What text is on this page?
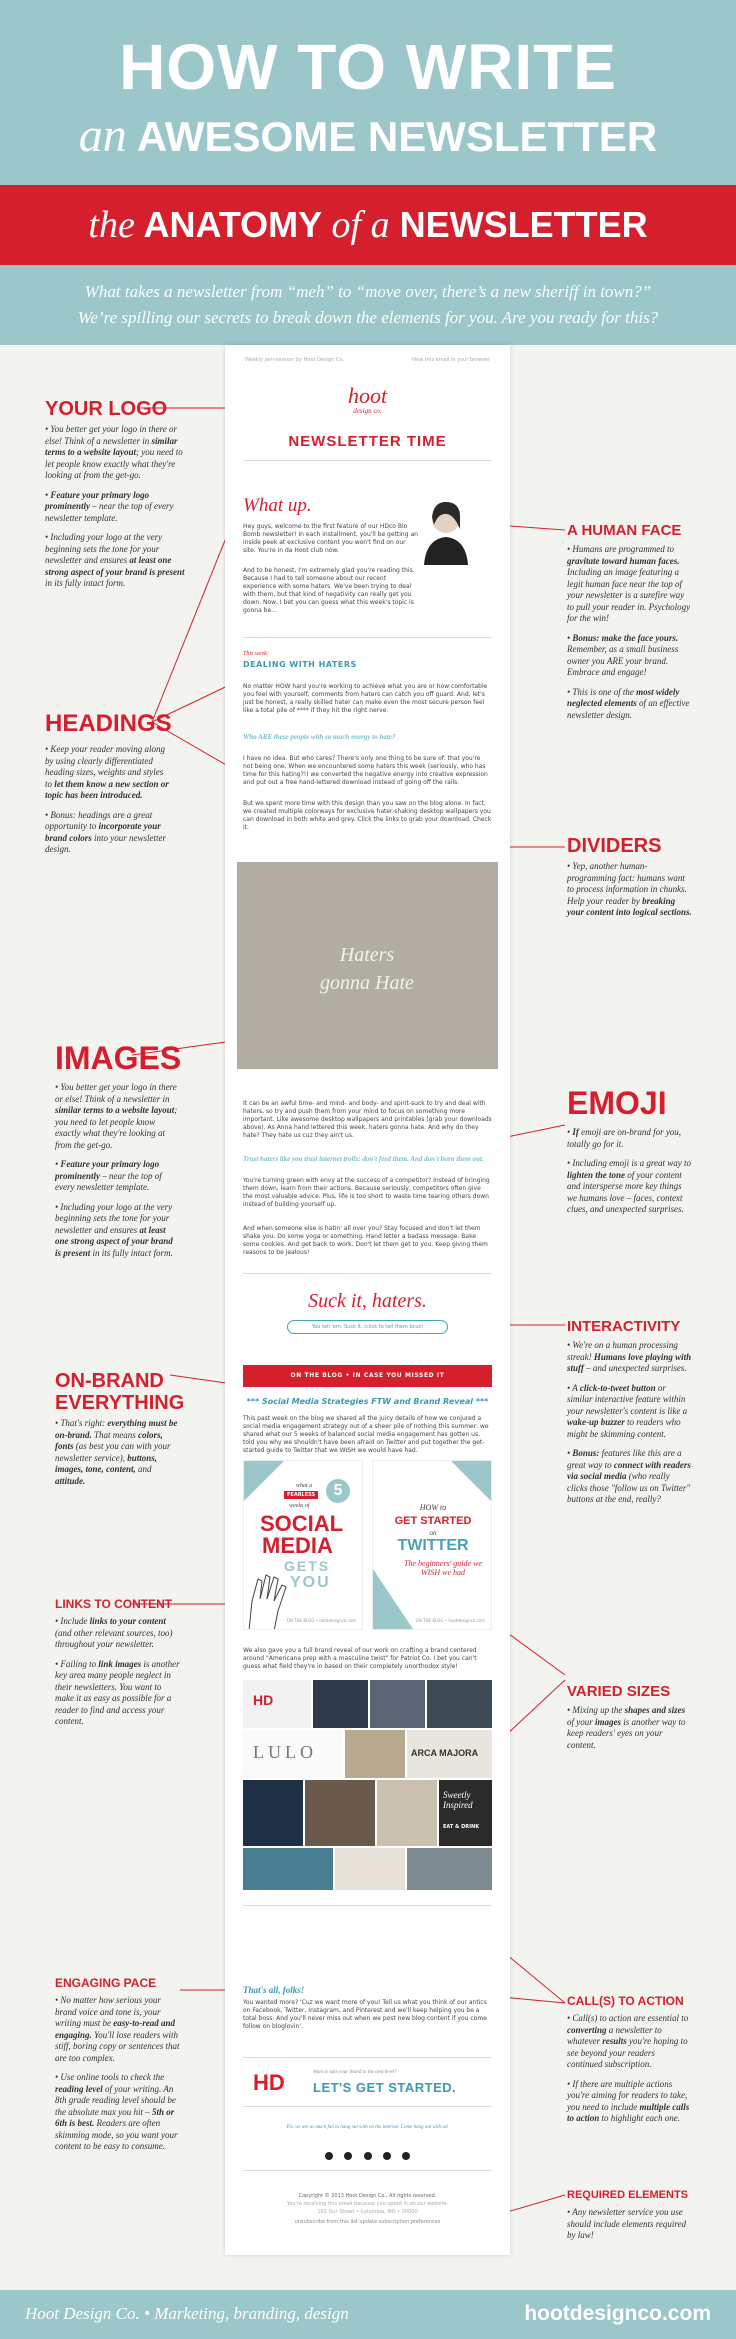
HOW TO WRITE
an AWESOME NEWSLETTER
the ANATOMY of a NEWSLETTER
What takes a newsletter from “meh” to “move over, there’s a new sheriff in town?”
We’re spilling our secrets to break down the elements for you. Are you ready for this?
Weekly jam-session by Hoot Design Co.	View this email in your browser
hoot
design co.
NEWSLETTER TIME
What up.
Hey guys, welcome to the first feature of our HDco Bio Bomb newsletter! In each installment, you'll be getting an inside peek at exclusive content you won't find on our site. You're in da Hoot club now.
And to be honest, I'm extremely glad you're reading this. Because I had to tell someone about our recent experience with some haters. We've been trying to deal with them, but that kind of negativity can really get you down. Now, I bet you can guess what this week's topic is gonna be...
This week:
DEALING WITH HATERS
No matter HOW hard you're working to achieve what you are or how comfortable you feel with yourself, comments from haters can catch you off guard. And, let's just be honest, a really skilled hater can make even the most secure person feel like a total pile of **** if they hit the right nerve.
Who ARE these people with so much energy to hate?
I have no idea. But who cares? There's only one thing to be sure of: that you're not being one. When we encountered some haters this week (seriously, who has time for this hating?!) we converted the negative energy into creative expression and put out a free hand-lettered download instead of going off the rails.
But we spent more time with this design than you saw on the blog alone. In fact, we created multiple colorways for exclusive hater-shaking desktop wallpapers you can download in both white and grey. Click the links to grab your download. Check it.
Haters gonna Hate
It can be an awful time- and mind- and body- and spirit-suck to try and deal with haters, so try and push them from your mind to focus on something more important. Like awesome desktop wallpapers and printables (grab your downloads above). As Anna hand lettered this week, haters gonna hate. And why do they hate? They hate us cuz they ain't us.
Trust haters like you trust internet trolls: don't feed them. And don't burn them out.
You're turning green with envy at the success of a competitor? Instead of bringing them down, learn from their actions. Because seriously, competitors often give the most valuable advice. Plus, life is too short to waste time tearing others down instead of building yourself up.
And when someone else is hatin' all over you? Stay focused and don't let them shake you. Do some yoga or something. Hand letter a badass message. Bake some cookies. And get back to work. Don't let them get to you. Keep giving them reasons to be jealous!
Suck it, haters.
You tell 'em. Suck it. (click to tell them bcuz)
ON THE BLOG • IN CASE YOU MISSED IT
*** Social Media Strategies FTW and Brand Reveal ***
This past week on the blog we shared all the juicy details of how we conjured a social media engagement strategy out of a sheer pile of nothing this summer: we shared what our 5 weeks of balanced social media engagement has gotten us, told you why we shouldn't have been afraid on Twitter and put together the get-started guide to Twitter that we WISH we would have had.
what a
FEARLESS	5
weeks of
SOCIAL
MEDIA
GETS
YOU
ON THE BLOG • hootdesignco.com
HOW to
GET STARTED
on
TWITTER
The beginners' guide we WISH we had
ON THE BLOG • hootdesignco.com
We also gave you a full brand reveal of our work on crafting a brand centered around "Americana prep with a masculine twist" for Patriot Co. I bet you can't guess what field they're in based on their completely unorthodox style!
HD
LULO	ARCA MAJORA
Sweetly Inspired
EAT & DRINK
That's all, folks!
You wanted more? 'Cuz we want more of you! Tell us what you think of our antics on Facebook, Twitter, Instagram, and Pinterest and we'll keep helping you be a total boss. And you'll never miss out when we post new blog content if you come follow on bloglovin'.
HD	Want to take your brand to the next level?
LET'S GET STARTED.
P.S. we are as much fun to hang out with on the internet. Come hang out with us!

Copyright © 2013 Hoot Design Co., All rights reserved.
You're receiving this email because you opted in on our website.
101 Our Street • Columbia, MO • 00000
unsubscribe from this list update subscription preferences
YOUR LOGO

• You better get your logo in there or else! Think of a newsletter in similar terms to a website layout; you need to let people know exactly what they're looking at from the get-go.

• Feature your primary logo prominently – near the top of every newsletter template.

• Including your logo at the very beginning sets the tone for your newsletter and ensures at least one strong aspect of your brand is present in its fully intact form.

HEADINGS

• Keep your reader moving along by using clearly differentiated heading sizes, weights and styles to let them know a new section or topic has been introduced.

• Bonus: headings are a great opportunity to incorporate your brand colors into your newsletter design.

IMAGES

• You better get your logo in there or else! Think of a newsletter in similar terms to a website layout; you need to let people know exactly what they're looking at from the get-go.

• Feature your primary logo prominently – near the top of every newsletter template.

• Including your logo at the very beginning sets the tone for your newsletter and ensures at least one strong aspect of your brand is present in its fully intact form.

ON-BRAND
EVERYTHING

• That's right: everything must be on-brand. That means colors, fonts (as best you can with your newsletter service), buttons, images, tone, content, and attitude.

LINKS TO CONTENT

• Include links to your content (and other relevant sources, too) throughout your newsletter.

• Failing to link images is another key area many people neglect in their newsletters. You want to make it as easy as possible for a reader to find and access your content.

ENGAGING PACE

• No matter how serious your brand voice and tone is, your writing must be easy-to-read and engaging. You'll lose readers with stiff, boring copy or sentences that are too complex.

• Use online tools to check the reading level of your writing. An 8th grade reading level should be the absolute max you hit – 5th or 6th is best. Readers are often skimming mode, so you want your content to be easy to consume.

A HUMAN FACE

• Humans are programmed to gravitate toward human faces. Including an image featuring a legit human face near the top of your newsletter is a surefire way to pull your reader in. Psychology for the win!

• Bonus: make the face yours. Remember, as a small business owner you ARE your brand. Embrace and engage!

• This is one of the most widely neglected elements of an effective newsletter design.

DIVIDERS

• Yep, another human-programming fact: humans want to process information in chunks. Help your reader by breaking your content into logical sections.

EMOJI

• If emoji are on-brand for you, totally go for it.

• Including emoji is a great way to lighten the tone of your content and intersperse more key things we humans love – faces, context clues, and unexpected surprises.

INTERACTIVITY

• We're on a human processing streak! Humans love playing with stuff – and unexpected surprises.

• A click-to-tweet button or similar interactive feature within your newsletter's content is like a wake-up buzzer to readers who might be skimming content.

• Bonus: features like this are a great way to connect with readers via social media (who really clicks those "follow us on Twitter" buttons at the end, really?

VARIED SIZES

• Mixing up the shapes and sizes of your images is another way to keep readers' eyes on your content.

CALL(S) TO ACTION

• Call(s) to action are essential to converting a newsletter to whatever results you're hoping to see beyond your readers continued subscription.

• If there are multiple actions you're aiming for readers to take, you need to include multiple calls to action to highlight each one.

REQUIRED ELEMENTS

• Any newsletter service you use should include elements required by law!

Hoot Design Co. • Marketing, branding, design	hootdesignco.com
